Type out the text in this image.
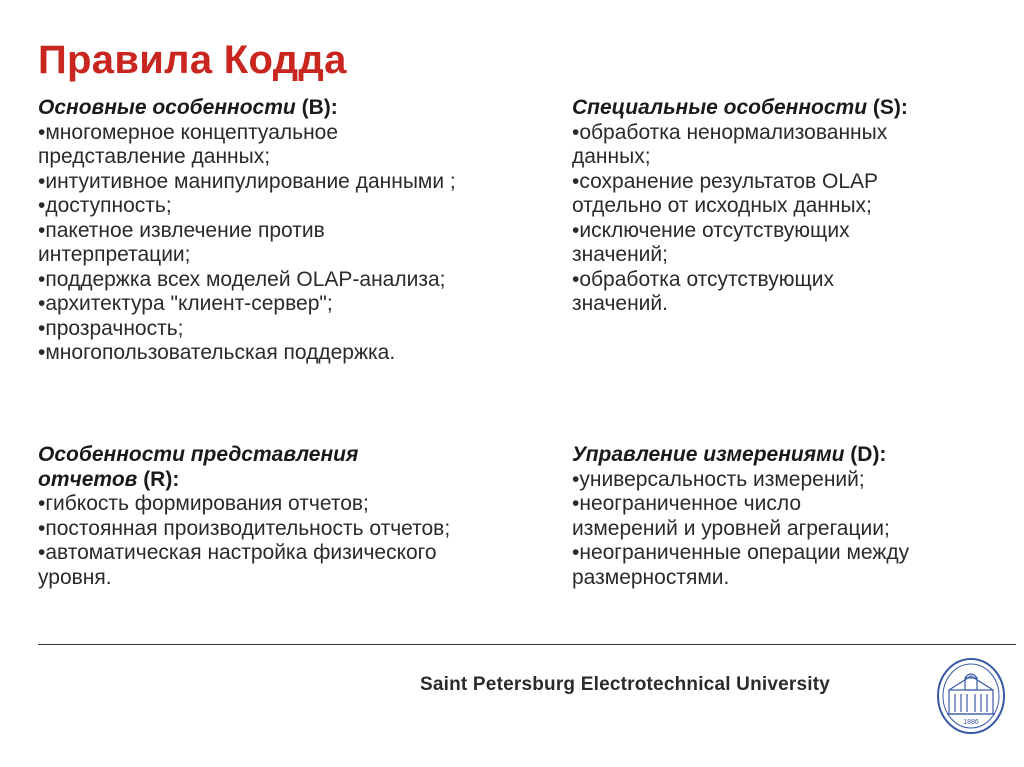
Правила Кодда
Основные особенности (B):
•многомерное концептуальное
представление данных;
•интуитивное манипулирование данными ;
•доступность;
•пакетное извлечение против
интерпретации;
•поддержка всех моделей OLAP-анализа;
•архитектура "клиент-сервер";
•прозрачность;
•многопользовательская поддержка.
Специальные особенности (S):
•обработка ненормализованных
данных;
•сохранение результатов OLAP
отдельно от исходных данных;
•исключение отсутствующих
значений;
•обработка отсутствующих
значений.
Особенности представления
отчетов (R):
•гибкость формирования отчетов;
•постоянная производительность отчетов;
•автоматическая настройка физического
уровня.
Управление измерениями (D):
•универсальность измерений;
•неограниченное число
измерений и уровней агрегации;
•неограниченные операции между
размерностями.
Saint Petersburg Electrotechnical University
1886
